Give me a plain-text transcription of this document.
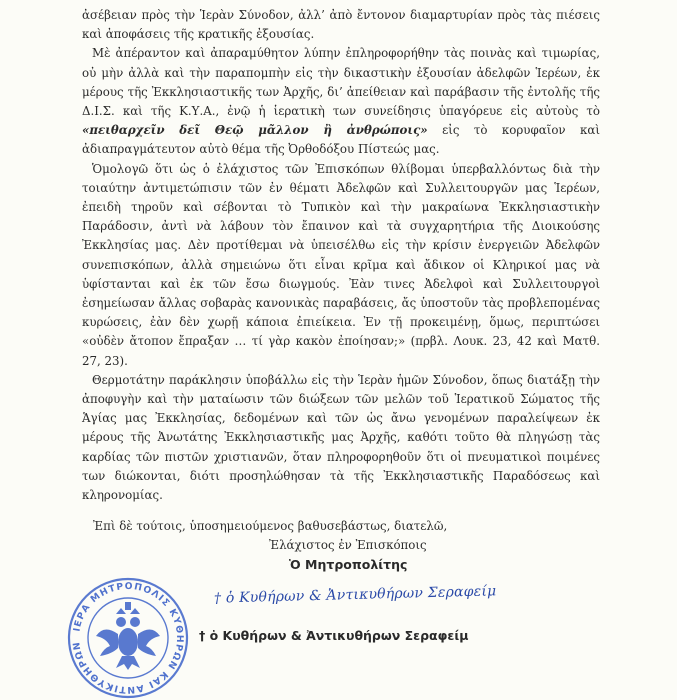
ἀσέβειαν πρὸς τὴν Ἱερὰν Σύνοδον, ἀλλ’ ἀπὸ ἔντονον διαμαρτυρίαν πρὸς τὰς πιέσεις καὶ ἀποφάσεις τῆς κρατικῆς ἐξουσίας.

Μὲ ἀπέραντον καὶ ἀπαραμύθητον λύπην ἐπληροφορήθην τὰς ποινὰς καὶ τιμωρίας, οὐ μὴν ἀλλὰ καὶ τὴν παραπομπὴν εἰς τὴν δικαστικὴν ἐξουσίαν ἀδελφῶν Ἱερέων, ἐκ μέρους τῆς Ἐκκλησιαστικῆς των Ἀρχῆς, δι’ ἀπείθειαν καὶ παράβασιν τῆς ἐντολῆς τῆς Δ.Ι.Σ. καὶ τῆς Κ.Υ.Α., ἐνῷ ἡ ἱερατικὴ των συνείδησις ὑπαγόρευε εἰς αὐτοὺς τὸ «πειθαρχεῖν δεῖ Θεῷ μᾶλλον ἢ ἀνθρώποις» εἰς τὸ κορυφαῖον καὶ ἀδιαπραγμάτευτον αὐτὸ θέμα τῆς Ὀρθοδόξου Πίστεώς μας.

Ὁμολογῶ ὅτι ὡς ὁ ἐλάχιστος τῶν Ἐπισκόπων θλίβομαι ὑπερβαλλόντως διὰ τὴν τοιαύτην ἀντιμετώπισιν τῶν ἐν θέματι Ἀδελφῶν καὶ Συλλειτουργῶν μας Ἱερέων, ἐπειδὴ τηροῦν καὶ σέβονται τὸ Τυπικὸν καὶ τὴν μακραίωνα Ἐκκλησιαστικὴν Παράδοσιν, ἀντὶ νὰ λάβουν τὸν ἔπαινον καὶ τὰ συγχαρητήρια τῆς Διοικούσης Ἐκκλησίας μας. Δὲν προτίθεμαι νὰ ὑπεισέλθω εἰς τὴν κρίσιν ἐνεργειῶν Ἀδελφῶν συνεπισκόπων, ἀλλὰ σημειώνω ὅτι εἶναι κρῖμα καὶ ἄδικον οἱ Κληρικοί μας νὰ ὑφίστανται καὶ ἐκ τῶν ἔσω διωγμούς. Ἐὰν τινες Ἀδελφοὶ καὶ Συλλειτουργοὶ ἐσημείωσαν ἄλλας σοβαρὰς κανονικὰς παραβάσεις, ἄς ὑποστοῦν τὰς προβλεπομένας κυρώσεις, ἐὰν δὲν χωρῇ κάποια ἐπιείκεια. Ἐν τῇ προκειμένῃ, ὅμως, περιπτώσει «οὐδὲν ἄτοπον ἔπραξαν … τί γὰρ κακὸν ἐποίησαν;» (πρβλ. Λουκ. 23, 42 καὶ Ματθ. 27, 23).

Θερμοτάτην παράκλησιν ὑποβάλλω εἰς τὴν Ἱερὰν ἡμῶν Σύνοδον, ὅπως διατάξῃ τὴν ἀποφυγὴν καὶ τὴν ματαίωσιν τῶν διώξεων τῶν μελῶν τοῦ Ἱερατικοῦ Σώματος τῆς Ἁγίας μας Ἐκκλησίας, δεδομένων καὶ τῶν ὡς ἄνω γενομένων παραλείψεων ἐκ μέρους τῆς Ἀνωτάτης Ἐκκλησιαστικῆς μας Ἀρχῆς, καθότι τοῦτο θὰ πληγώσῃ τὰς καρδίας τῶν πιστῶν χριστιανῶν, ὅταν πληροφορηθοῦν ὅτι οἱ πνευματικοὶ ποιμένες των διώκονται, διότι προσηλώθησαν τὰ τῆς Ἐκκλησιαστικῆς Παραδόσεως καὶ κληρονομίας.

Ἐπὶ δὲ τούτοις, ὑποσημειούμενος βαθυσεβάστως, διατελῶ,
Ἐλάχιστος ἐν Ἐπισκόποις
Ὁ Μητροπολίτης
ΙΕΡΑ ΜΗΤΡΟΠΟΛΙΣ ΚΥΘΗΡΩΝ ΚΑΙ ΑΝΤΙΚΥΘΗΡΩΝ
† ὁ Κυθήρων & Ἀντικυθήρων Σεραφείμ
† ὁ Κυθήρων & Ἀντικυθήρων Σεραφείμ
